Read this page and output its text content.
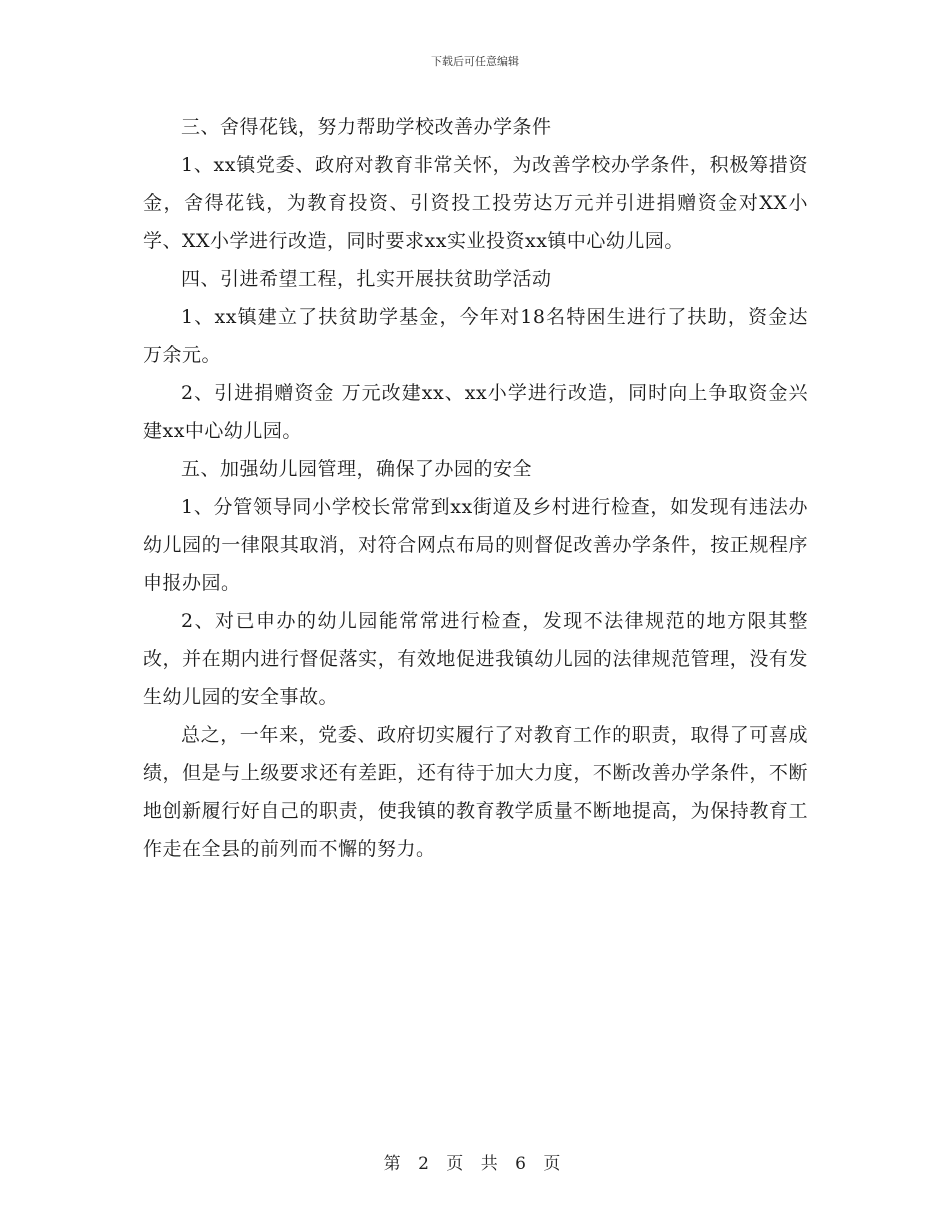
下载后可任意编辑

三、舍得花钱，努力帮助学校改善办学条件

1、xx镇党委、政府对教育非常关怀，为改善学校办学条件，积极筹措资金，舍得花钱，为教育投资、引资投工投劳达万元并引进捐赠资金对XX小学、XX小学进行改造，同时要求xx实业投资xx镇中心幼儿园。

四、引进希望工程，扎实开展扶贫助学活动

1、xx镇建立了扶贫助学基金，今年对18名特困生进行了扶助，资金达 万余元。

2、引进捐赠资金 万元改建xx、xx小学进行改造，同时向上争取资金兴建xx中心幼儿园。

五、加强幼儿园管理，确保了办园的安全

1、分管领导同小学校长常常到xx街道及乡村进行检查，如发现有违法办幼儿园的一律限其取消，对符合网点布局的则督促改善办学条件，按正规程序申报办园。

2、对已申办的幼儿园能常常进行检查，发现不法律规范的地方限其整改，并在期内进行督促落实，有效地促进我镇幼儿园的法律规范管理，没有发生幼儿园的安全事故。

总之，一年来，党委、政府切实履行了对教育工作的职责，取得了可喜成绩，但是与上级要求还有差距，还有待于加大力度，不断改善办学条件，不断地创新履行好自己的职责，使我镇的教育教学质量不断地提高，为保持教育工作走在全县的前列而不懈的努力。

第 2 页 共 6 页
